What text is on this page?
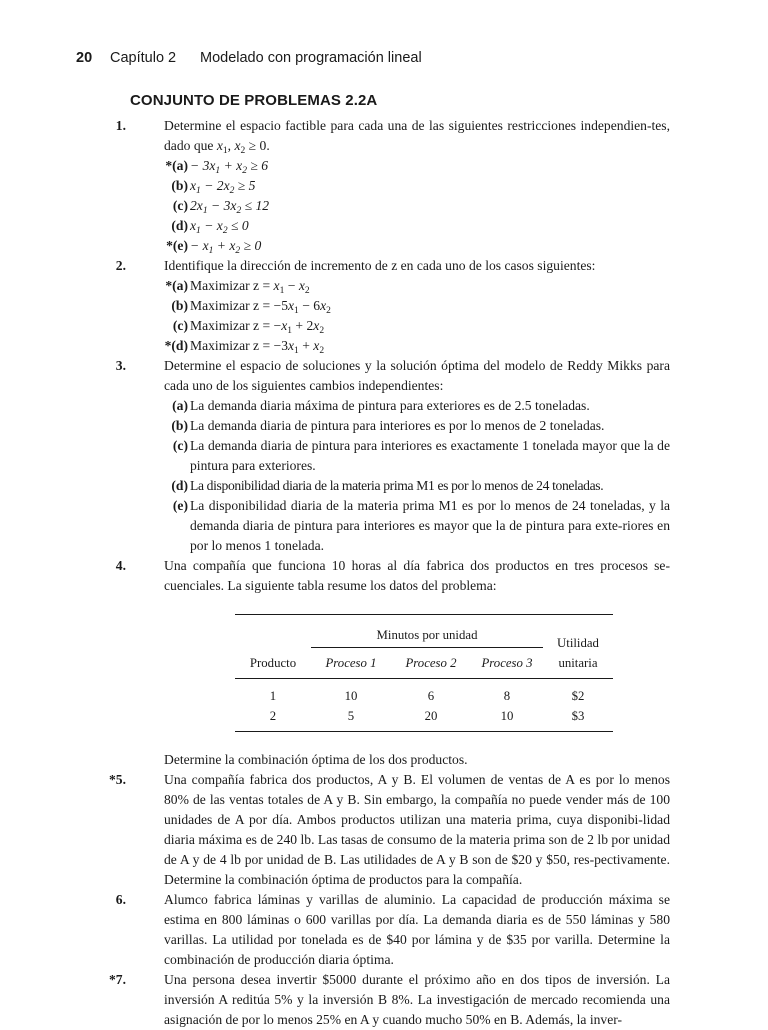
20 Capítulo 2 Modelado con programación lineal
CONJUNTO DE PROBLEMAS 2.2A
1.	Determine el espacio factible para cada una de las siguientes restricciones independien-tes, dado que $x_1$, $x_2 \ge 0$.
$*(a) - 3x_1 + x_2 \ge 6$
(b) $x_1 - 2x_2 \ge 5$
(c) $2x_1 - 3x_2 \le 12$
(d) $x_1 - x_2 \le 0$
$*(e) - x_1 + x_2 \ge 0$
2.	Identifique la dirección de incremento de z en cada uno de los casos siguientes:
*(a) Maximizar $z = x_1 - x_2$
(b) Maximizar $z = -5x_1 - 6x_2$
(c) Maximizar $z = -x_1 + 2x_2$
*(d) Maximizar $z = -3x_1 + x_2$
3.	Determine el espacio de soluciones y la solución óptima del modelo de Reddy Mikks para cada uno de los siguientes cambios independientes:
(a) La demanda diaria máxima de pintura para exteriores es de 2.5 toneladas.
(b) La demanda diaria de pintura para interiores es por lo menos de 2 toneladas.
(c) La demanda diaria de pintura para interiores es exactamente 1 tonelada mayor que la de pintura para exteriores.
(d) La disponibilidad diaria de la materia prima M1 es por lo menos de 24 toneladas.
(e) La disponibilidad diaria de la materia prima M1 es por lo menos de 24 toneladas, y la demanda diaria de pintura para interiores es mayor que la de pintura para exte-riores en por lo menos 1 tonelada.
4.	Una compañía que funciona 10 horas al día fabrica dos productos en tres procesos se-cuenciales. La siguiente tabla resume los datos del problema:

	Minutos por unidad			Utilidad
unitaria

Producto	Proceso 1	Proceso 2	Proceso 3	

1	10	6	8	$2
2	5	20	10	$3

Determine la combinación óptima de los dos productos.
*5.	Una compañía fabrica dos productos, A y B. El volumen de ventas de A es por lo menos 80% de las ventas totales de A y B. Sin embargo, la compañía no puede vender más de 100 unidades de A por día. Ambos productos utilizan una materia prima, cuya disponibi-lidad diaria máxima es de 240 lb. Las tasas de consumo de la materia prima son de 2 lb por unidad de A y de 4 lb por unidad de B. Las utilidades de A y B son de $20 y $50, res-pectivamente. Determine la combinación óptima de productos para la compañía.
6.	Alumco fabrica láminas y varillas de aluminio. La capacidad de producción máxima se estima en 800 láminas o 600 varillas por día. La demanda diaria es de 550 láminas y 580 varillas. La utilidad por tonelada es de $40 por lámina y de $35 por varilla. Determine la combinación de producción diaria óptima.
*7.	Una persona desea invertir $5000 durante el próximo año en dos tipos de inversión. La inversión A reditúa 5% y la inversión B 8%. La investigación de mercado recomienda una asignación de por lo menos 25% en A y cuando mucho 50% en B. Además, la inver-
